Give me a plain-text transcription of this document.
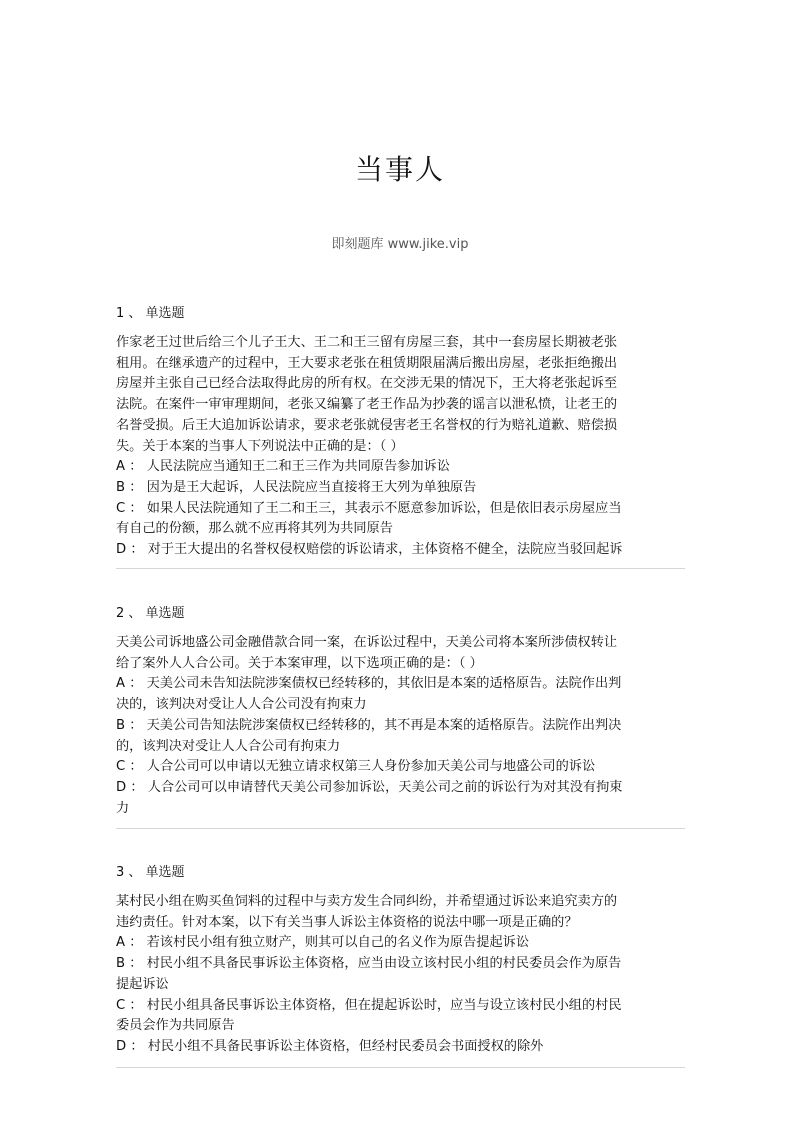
当事人
即刻题库 www.jike.vip
1 、 单选题

作家老王过世后给三个儿子王大、王二和王三留有房屋三套，其中一套房屋长期被老张

租用。在继承遗产的过程中，王大要求老张在租赁期限届满后搬出房屋，老张拒绝搬出

房屋并主张自己已经合法取得此房的所有权。在交涉无果的情况下，王大将老张起诉至

法院。在案件一审审理期间，老张又编纂了老王作品为抄袭的谣言以泄私愤，让老王的

名誉受损。后王大追加诉讼请求，要求老张就侵害老王名誉权的行为赔礼道歉、赔偿损

失。关于本案的当事人下列说法中正确的是：（ ）

A ： 人民法院应当通知王二和王三作为共同原告参加诉讼

B ： 因为是王大起诉，人民法院应当直接将王大列为单独原告

C ： 如果人民法院通知了王二和王三，其表示不愿意参加诉讼，但是依旧表示房屋应当

有自己的份额，那么就不应再将其列为共同原告

D ： 对于王大提出的名誉权侵权赔偿的诉讼请求，主体资格不健全，法院应当驳回起诉

2 、 单选题

天美公司诉地盛公司金融借款合同一案，在诉讼过程中，天美公司将本案所涉债权转让

给了案外人人合公司。关于本案审理，以下选项正确的是：（ ）

A ： 天美公司未告知法院涉案债权已经转移的，其依旧是本案的适格原告。法院作出判

决的，该判决对受让人人合公司没有拘束力

B ： 天美公司告知法院涉案债权已经转移的，其不再是本案的适格原告。法院作出判决

的，该判决对受让人人合公司有拘束力

C ： 人合公司可以申请以无独立请求权第三人身份参加天美公司与地盛公司的诉讼

D ： 人合公司可以申请替代天美公司参加诉讼，天美公司之前的诉讼行为对其没有拘束

力

3 、 单选题

某村民小组在购买鱼饲料的过程中与卖方发生合同纠纷，并希望通过诉讼来追究卖方的

违约责任。针对本案，以下有关当事人诉讼主体资格的说法中哪一项是正确的？

A ： 若该村民小组有独立财产，则其可以自己的名义作为原告提起诉讼

B ： 村民小组不具备民事诉讼主体资格，应当由设立该村民小组的村民委员会作为原告

提起诉讼

C ： 村民小组具备民事诉讼主体资格，但在提起诉讼时，应当与设立该村民小组的村民

委员会作为共同原告

D ： 村民小组不具备民事诉讼主体资格，但经村民委员会书面授权的除外
